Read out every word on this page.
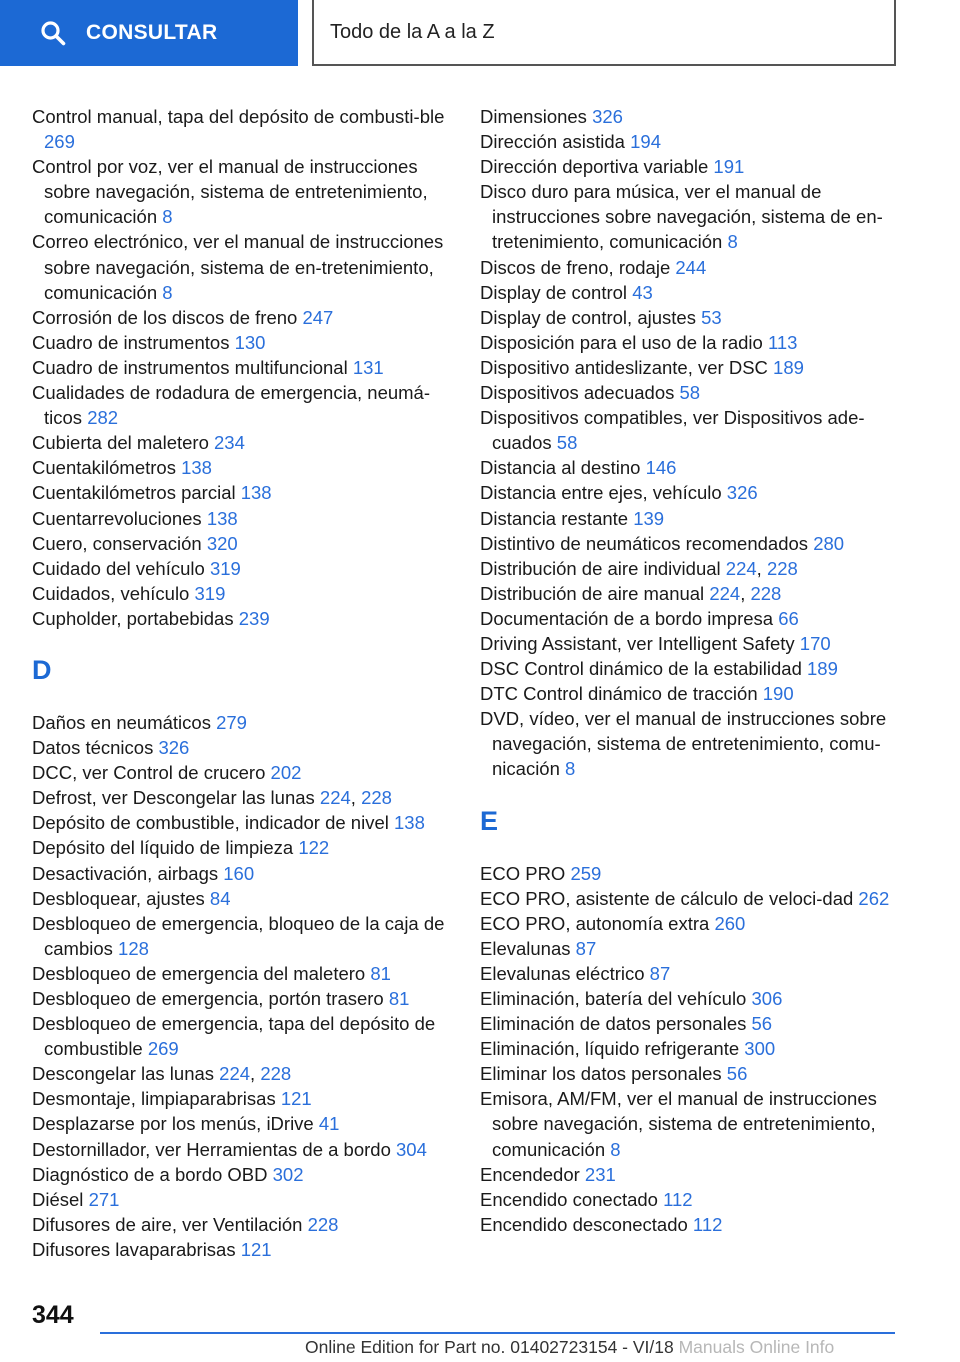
CONSULTAR	Todo de la A a la Z
Control manual, tapa del depósito de combusti-ble 269
Control por voz, ver el manual de instrucciones sobre navegación, sistema de entretenimiento, comunicación 8
Correo electrónico, ver el manual de instrucciones sobre navegación, sistema de en-tretenimiento, comunicación 8
Corrosión de los discos de freno 247
Cuadro de instrumentos 130
Cuadro de instrumentos multifuncional 131
Cualidades de rodadura de emergencia, neumá-ticos 282
Cubierta del maletero 234
Cuentakilómetros 138
Cuentakilómetros parcial 138
Cuentarrevoluciones 138
Cuero, conservación 320
Cuidado del vehículo 319
Cuidados, vehículo 319
Cupholder, portabebidas 239
D
Daños en neumáticos 279
Datos técnicos 326
DCC, ver Control de crucero 202
Defrost, ver Descongelar las lunas 224, 228
Depósito de combustible, indicador de nivel 138
Depósito del líquido de limpieza 122
Desactivación, airbags 160
Desbloquear, ajustes 84
Desbloqueo de emergencia, bloqueo de la caja de cambios 128
Desbloqueo de emergencia del maletero 81
Desbloqueo de emergencia, portón trasero 81
Desbloqueo de emergencia, tapa del depósito de combustible 269
Descongelar las lunas 224, 228
Desmontaje, limpiaparabrisas 121
Desplazarse por los menús, iDrive 41
Destornillador, ver Herramientas de a bordo 304
Diagnóstico de a bordo OBD 302
Diésel 271
Difusores de aire, ver Ventilación 228
Difusores lavaparabrisas 121
Dimensiones 326
Dirección asistida 194
Dirección deportiva variable 191
Disco duro para música, ver el manual de instrucciones sobre navegación, sistema de en-tretenimiento, comunicación 8
Discos de freno, rodaje 244
Display de control 43
Display de control, ajustes 53
Disposición para el uso de la radio 113
Dispositivo antideslizante, ver DSC 189
Dispositivos adecuados 58
Dispositivos compatibles, ver Dispositivos ade-cuados 58
Distancia al destino 146
Distancia entre ejes, vehículo 326
Distancia restante 139
Distintivo de neumáticos recomendados 280
Distribución de aire individual 224, 228
Distribución de aire manual 224, 228
Documentación de a bordo impresa 66
Driving Assistant, ver Intelligent Safety 170
DSC Control dinámico de la estabilidad 189
DTC Control dinámico de tracción 190
DVD, vídeo, ver el manual de instrucciones sobre navegación, sistema de entretenimiento, comu-nicación 8
E
ECO PRO 259
ECO PRO, asistente de cálculo de veloci-dad 262
ECO PRO, autonomía extra 260
Elevalunas 87
Elevalunas eléctrico 87
Eliminación, batería del vehículo 306
Eliminación de datos personales 56
Eliminación, líquido refrigerante 300
Eliminar los datos personales 56
Emisora, AM/FM, ver el manual de instrucciones sobre navegación, sistema de entretenimiento, comunicación 8
Encendedor 231
Encendido conectado 112
Encendido desconectado 112
344
Online Edition for Part no. 01402723154 - VI/18 Manuals Online Info
